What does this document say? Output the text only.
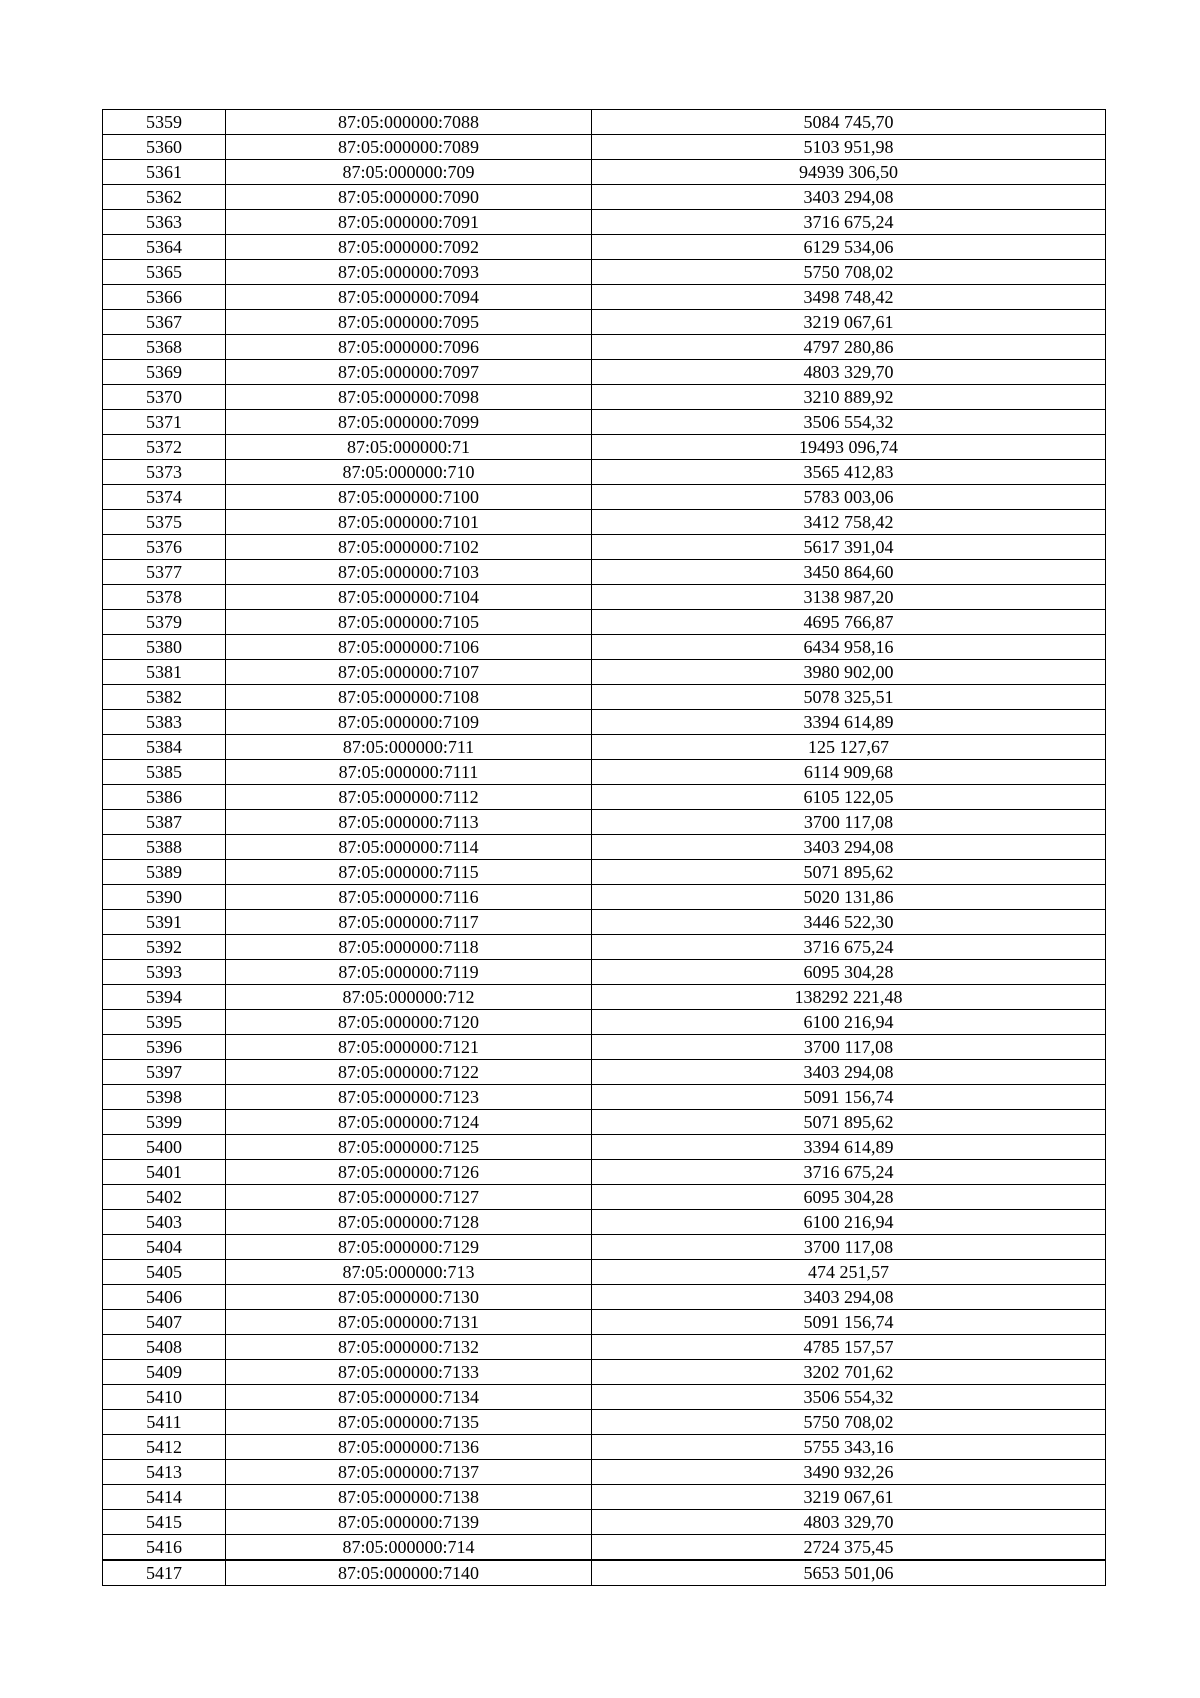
5359	87:05:000000:7088	5084 745,70
5360	87:05:000000:7089	5103 951,98
5361	87:05:000000:709	94939 306,50
5362	87:05:000000:7090	3403 294,08
5363	87:05:000000:7091	3716 675,24
5364	87:05:000000:7092	6129 534,06
5365	87:05:000000:7093	5750 708,02
5366	87:05:000000:7094	3498 748,42
5367	87:05:000000:7095	3219 067,61
5368	87:05:000000:7096	4797 280,86
5369	87:05:000000:7097	4803 329,70
5370	87:05:000000:7098	3210 889,92
5371	87:05:000000:7099	3506 554,32
5372	87:05:000000:71	19493 096,74
5373	87:05:000000:710	3565 412,83
5374	87:05:000000:7100	5783 003,06
5375	87:05:000000:7101	3412 758,42
5376	87:05:000000:7102	5617 391,04
5377	87:05:000000:7103	3450 864,60
5378	87:05:000000:7104	3138 987,20
5379	87:05:000000:7105	4695 766,87
5380	87:05:000000:7106	6434 958,16
5381	87:05:000000:7107	3980 902,00
5382	87:05:000000:7108	5078 325,51
5383	87:05:000000:7109	3394 614,89
5384	87:05:000000:711	125 127,67
5385	87:05:000000:7111	6114 909,68
5386	87:05:000000:7112	6105 122,05
5387	87:05:000000:7113	3700 117,08
5388	87:05:000000:7114	3403 294,08
5389	87:05:000000:7115	5071 895,62
5390	87:05:000000:7116	5020 131,86
5391	87:05:000000:7117	3446 522,30
5392	87:05:000000:7118	3716 675,24
5393	87:05:000000:7119	6095 304,28
5394	87:05:000000:712	138292 221,48
5395	87:05:000000:7120	6100 216,94
5396	87:05:000000:7121	3700 117,08
5397	87:05:000000:7122	3403 294,08
5398	87:05:000000:7123	5091 156,74
5399	87:05:000000:7124	5071 895,62
5400	87:05:000000:7125	3394 614,89
5401	87:05:000000:7126	3716 675,24
5402	87:05:000000:7127	6095 304,28
5403	87:05:000000:7128	6100 216,94
5404	87:05:000000:7129	3700 117,08
5405	87:05:000000:713	474 251,57
5406	87:05:000000:7130	3403 294,08
5407	87:05:000000:7131	5091 156,74
5408	87:05:000000:7132	4785 157,57
5409	87:05:000000:7133	3202 701,62
5410	87:05:000000:7134	3506 554,32
5411	87:05:000000:7135	5750 708,02
5412	87:05:000000:7136	5755 343,16
5413	87:05:000000:7137	3490 932,26
5414	87:05:000000:7138	3219 067,61
5415	87:05:000000:7139	4803 329,70
5416	87:05:000000:714	2724 375,45
5417	87:05:000000:7140	5653 501,06
